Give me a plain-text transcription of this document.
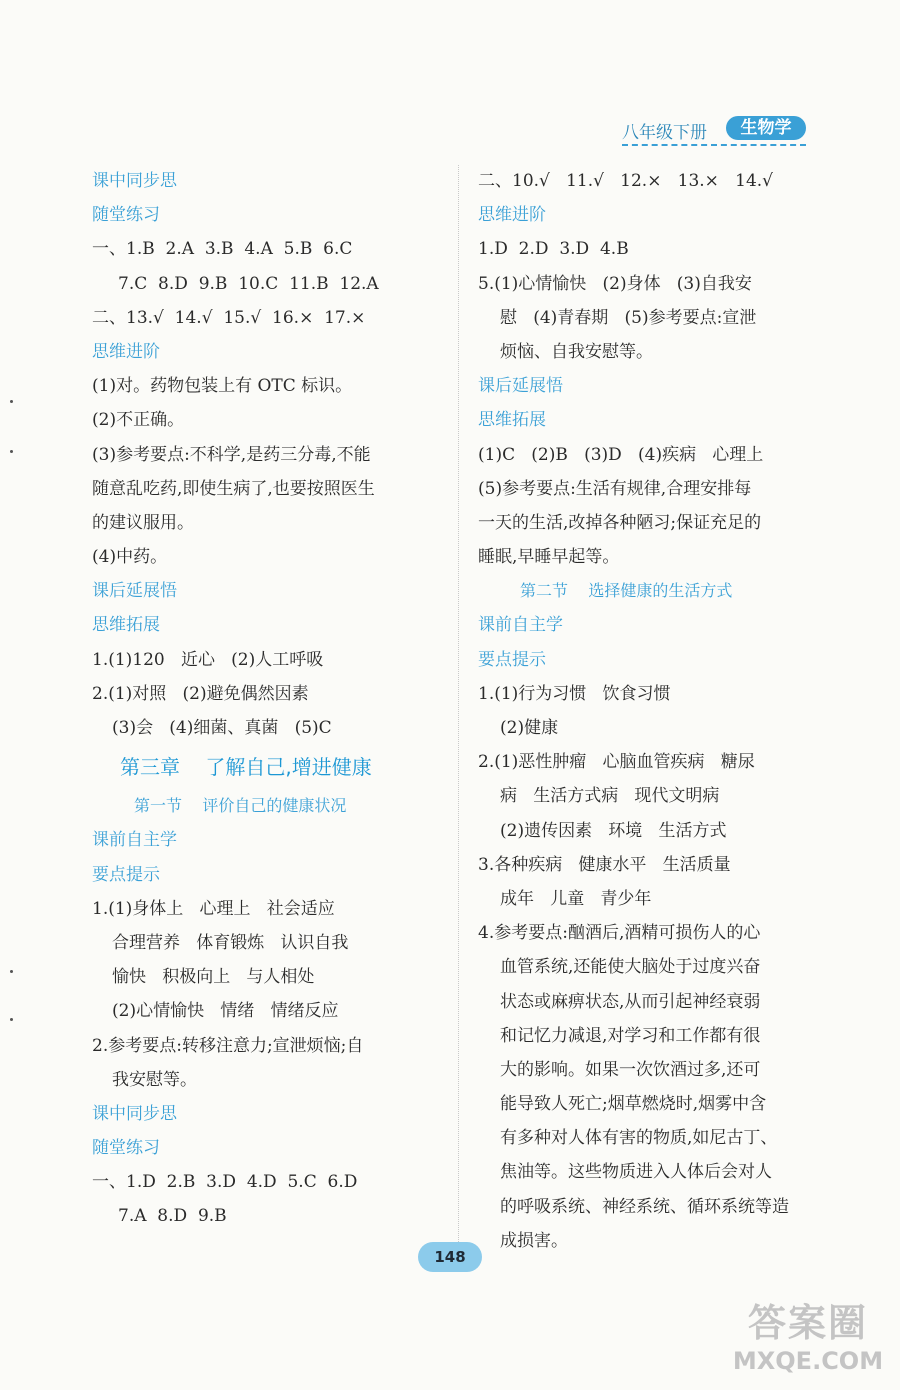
八年级下册	生物学
课中同步思
随堂练习
一、1.B  2.A  3.B  4.A  5.B  6.C
7.C  8.D  9.B  10.C  11.B  12.A
二、13.√  14.√  15.√  16.×  17.×
思维进阶
(1)对。药物包装上有 OTC 标识。
(2)不正确。
(3)参考要点:不科学,是药三分毒,不能
随意乱吃药,即使生病了,也要按照医生
的建议服用。
(4)中药。
课后延展悟
思维拓展
1.(1)120   近心   (2)人工呼吸
2.(1)对照   (2)避免偶然因素
(3)会   (4)细菌、真菌   (5)C
第三章    了解自己,增进健康
第一节    评价自己的健康状况
课前自主学
要点提示
1.(1)身体上   心理上   社会适应
合理营养   体育锻炼   认识自我
愉快   积极向上   与人相处
(2)心情愉快   情绪   情绪反应
2.参考要点:转移注意力;宣泄烦恼;自
我安慰等。
课中同步思
随堂练习
一、1.D  2.B  3.D  4.D  5.C  6.D
7.A  8.D  9.B
二、10.√   11.√   12.×   13.×   14.√
思维进阶
1.D  2.D  3.D  4.B
5.(1)心情愉快   (2)身体   (3)自我安
慰   (4)青春期   (5)参考要点:宣泄
烦恼、自我安慰等。
课后延展悟
思维拓展
(1)C   (2)B   (3)D   (4)疾病   心理上
(5)参考要点:生活有规律,合理安排每
一天的生活,改掉各种陋习;保证充足的
睡眠,早睡早起等。
第二节    选择健康的生活方式
课前自主学
要点提示
1.(1)行为习惯   饮食习惯
(2)健康
2.(1)恶性肿瘤   心脑血管疾病   糖尿
病   生活方式病   现代文明病
(2)遗传因素   环境   生活方式
3.各种疾病   健康水平   生活质量
成年   儿童   青少年
4.参考要点:酗酒后,酒精可损伤人的心
血管系统,还能使大脑处于过度兴奋
状态或麻痹状态,从而引起神经衰弱
和记忆力减退,对学习和工作都有很
大的影响。如果一次饮酒过多,还可
能导致人死亡;烟草燃烧时,烟雾中含
有多种对人体有害的物质,如尼古丁、
焦油等。这些物质进入人体后会对人
的呼吸系统、神经系统、循环系统等造
成损害。
148
答案圈
MXQE.COM
